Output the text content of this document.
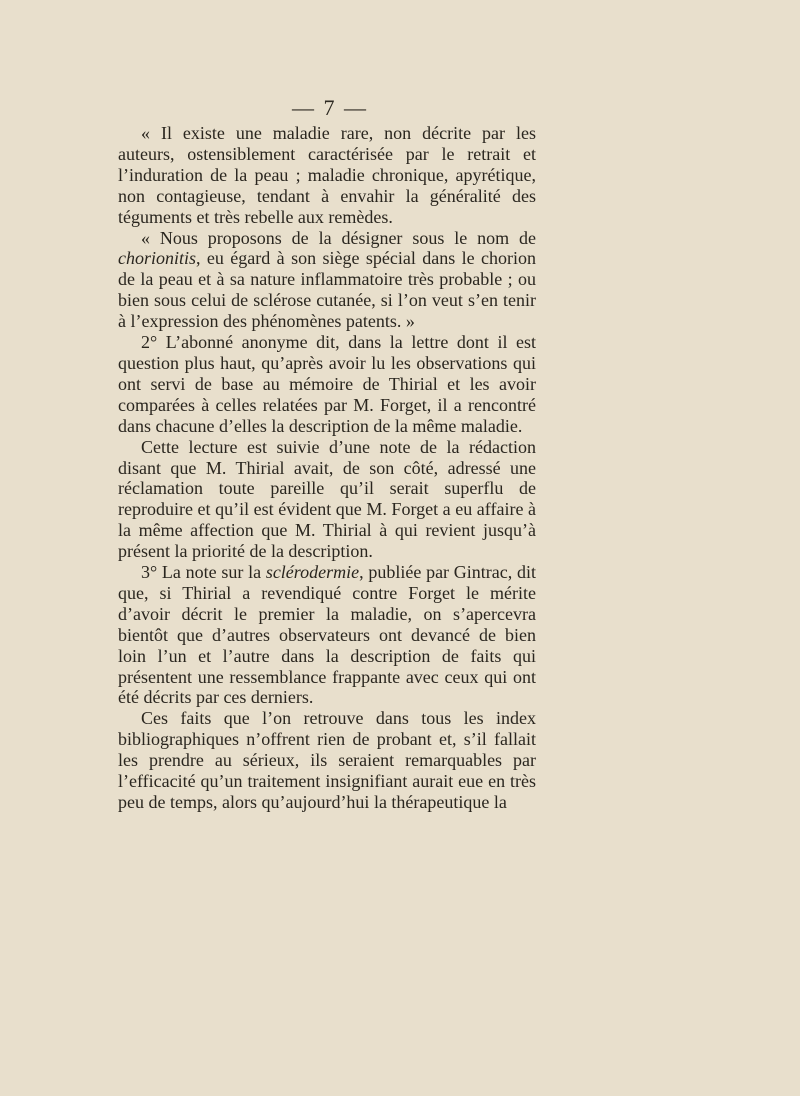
— 7 —

« Il existe une maladie rare, non décrite par les auteurs, ostensiblement caractérisée par le retrait et l’induration de la peau ; maladie chronique, apyrétique, non contagieuse, tendant à envahir la généralité des téguments et très rebelle aux remèdes.

« Nous proposons de la désigner sous le nom de chorionitis, eu égard à son siège spécial dans le chorion de la peau et à sa nature inflammatoire très probable ; ou bien sous celui de sclérose cutanée, si l’on veut s’en tenir à l’expression des phénomènes patents. »

2° L’abonné anonyme dit, dans la lettre dont il est question plus haut, qu’après avoir lu les observations qui ont servi de base au mémoire de Thirial et les avoir comparées à celles relatées par M. Forget, il a rencontré dans chacune d’elles la description de la même maladie.

Cette lecture est suivie d’une note de la rédaction disant que M. Thirial avait, de son côté, adressé une réclamation toute pareille qu’il serait superflu de reproduire et qu’il est évident que M. Forget a eu affaire à la même affection que M. Thirial à qui revient jusqu’à présent la priorité de la description.

3° La note sur la sclérodermie, publiée par Gintrac, dit que, si Thirial a revendiqué contre Forget le mérite d’avoir décrit le premier la maladie, on s’apercevra bientôt que d’autres observateurs ont devancé de bien loin l’un et l’autre dans la description de faits qui présentent une ressemblance frappante avec ceux qui ont été décrits par ces derniers.

Ces faits que l’on retrouve dans tous les index bibliographiques n’offrent rien de probant et, s’il fallait les prendre au sérieux, ils seraient remarquables par l’efficacité qu’un traitement insignifiant aurait eue en très peu de temps, alors qu’aujourd’hui la thérapeutique la
